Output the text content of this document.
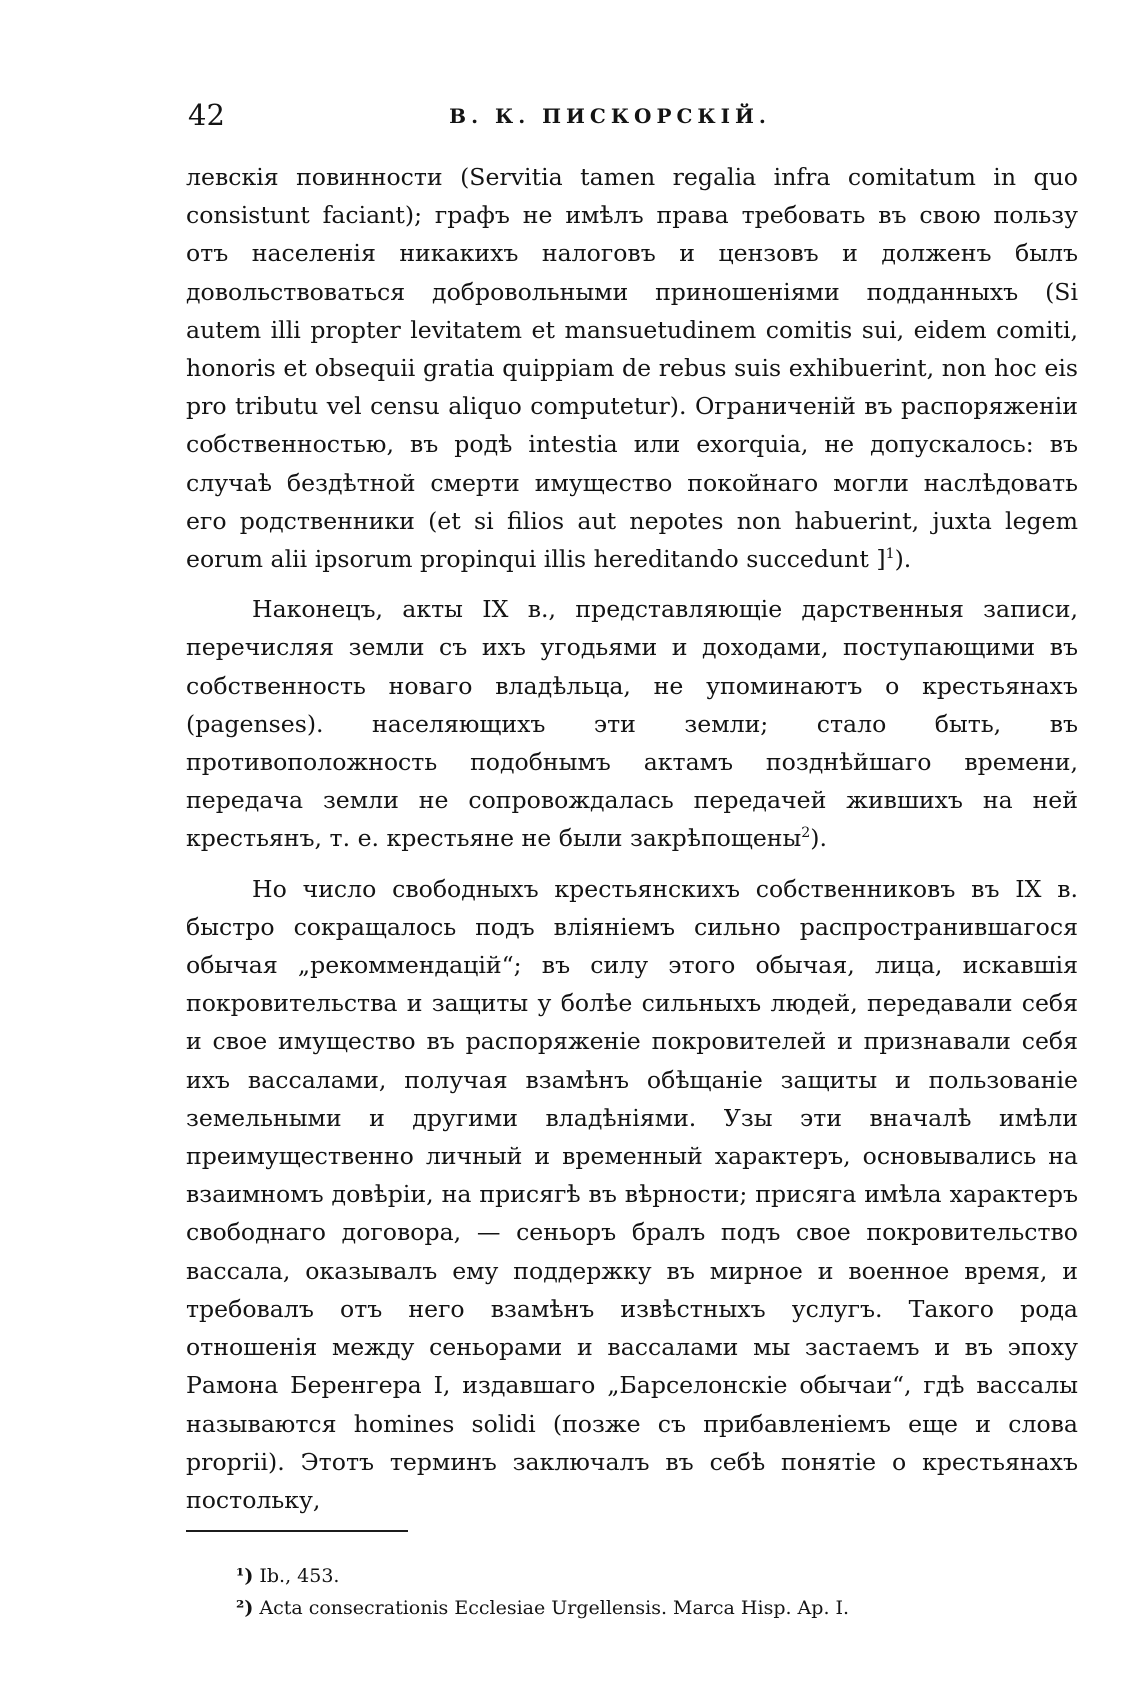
42	В. К. ПИСКОРСКІЙ.

левскія повинности (Servitia tamen regalia infra comitatum in quo consistunt faciant); графъ не имѣлъ права требовать въ свою пользу отъ населенія никакихъ налоговъ и цензовъ и долженъ былъ довольствоваться добровольными приношеніями подданныхъ (Si autem illi propter levitatem et mansuetudinem comitis sui, eidem comiti, honoris et obsequii gratia quippiam de rebus suis exhibuerint, non hoc eis pro tributu vel censu aliquo computetur). Ограниченій въ распоряженіи собственностью, въ родѣ intestia или exorquia, не допускалось: въ случаѣ бездѣтной смерти имущество покойнаго могли наслѣдовать его родственники (et si filios aut nepotes non habuerint, juxta legem eorum alii ipsorum propinqui illis hereditando succedunt ]$^1$).

Наконецъ, акты IX в., представляющіе дарственныя записи, перечисляя земли съ ихъ угодьями и доходами, поступающими въ собственность новаго владѣльца, не упоминаютъ о крестьянахъ (pagenses). населяющихъ эти земли; стало быть, въ противоположность подобнымъ актамъ позднѣйшаго времени, передача земли не сопровождалась передачей жившихъ на ней крестьянъ, т. е. крестьяне не были закрѣпощены$^2$).

Но число свободныхъ крестьянскихъ собственниковъ въ IX в. быстро сокращалось подъ вліяніемъ сильно распространившагося обычая „рекоммендацій“; въ силу этого обычая, лица, искавшія покровительства и защиты у болѣе сильныхъ людей, передавали себя и свое имущество въ распоряженіе покровителей и признавали себя ихъ вассалами, получая взамѣнъ обѣщаніе защиты и пользованіе земельными и другими владѣніями. Узы эти вначалѣ имѣли преимущественно личный и временный характеръ, основывались на взаимномъ довѣріи, на присягѣ въ вѣрности; присяга имѣла характеръ свободнаго договора, — сеньоръ бралъ подъ свое покровительство вассала, оказывалъ ему поддержку въ мирное и военное время, и требовалъ отъ него взамѣнъ извѣстныхъ услугъ. Такого рода отношенія между сеньорами и вассалами мы застаемъ и въ эпоху Рамона Беренгера I, издавшаго „Барселонскіе обычаи“, гдѣ вассалы называются homines solidi (позже съ прибавленіемъ еще и слова proprii). Этотъ терминъ заключалъ въ себѣ понятіе о крестьянахъ постольку,

¹) Ib., 453.

²) Acta consecrationis Ecclesiae Urgellensis. Marca Hisp. Ap. I.
